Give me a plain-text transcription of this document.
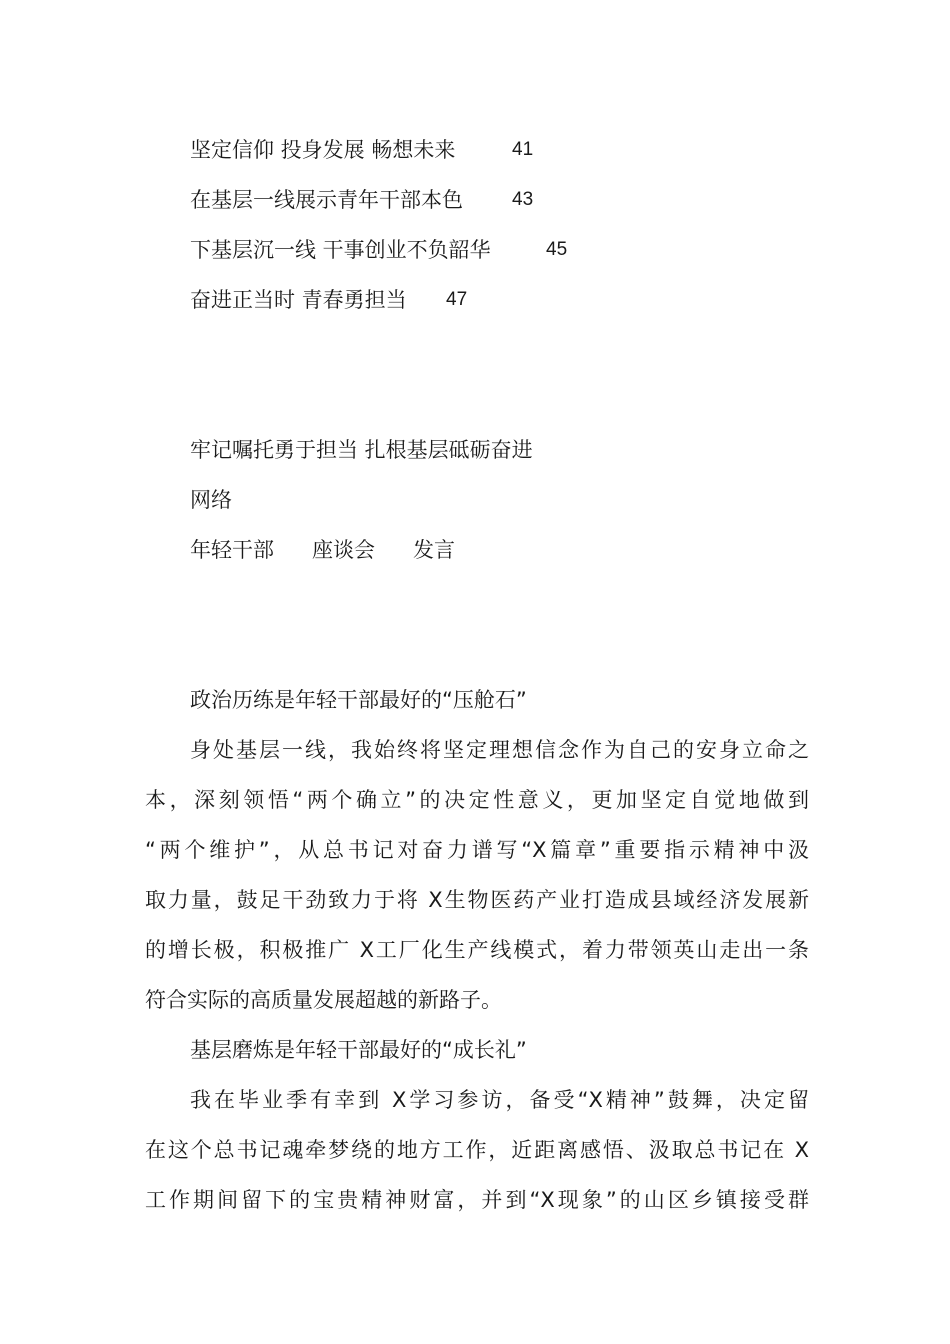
坚定信仰 投身发展 畅想未来	41
在基层一线展示青年干部本色	43
下基层沉一线 干事创业不负韶华	45
奋进正当时 青春勇担当 47
牢记嘱托勇于担当 扎根基层砥砺奋进
网络
年轻干部 座谈会 发言
政治历练是年轻干部最好的“压舱石”
身处基层一线，我始终将坚定理想信念作为自己的安身立命之
本，深刻领悟“两个确立”的决定性意义，更加坚定自觉地做到
“两个维护”，从总书记对奋力谱写“X篇章”重要指示精神中汲
取力量，鼓足干劲致力于将 X生物医药产业打造成县域经济发展新
的增长极，积极推广 X工厂化生产线模式，着力带领英山走出一条
符合实际的高质量发展超越的新路子。
基层磨炼是年轻干部最好的“成长礼”
我在毕业季有幸到 X学习参访，备受“X精神”鼓舞，决定留
在这个总书记魂牵梦绕的地方工作，近距离感悟、汲取总书记在 X
工作期间留下的宝贵精神财富，并到“X现象”的山区乡镇接受群
